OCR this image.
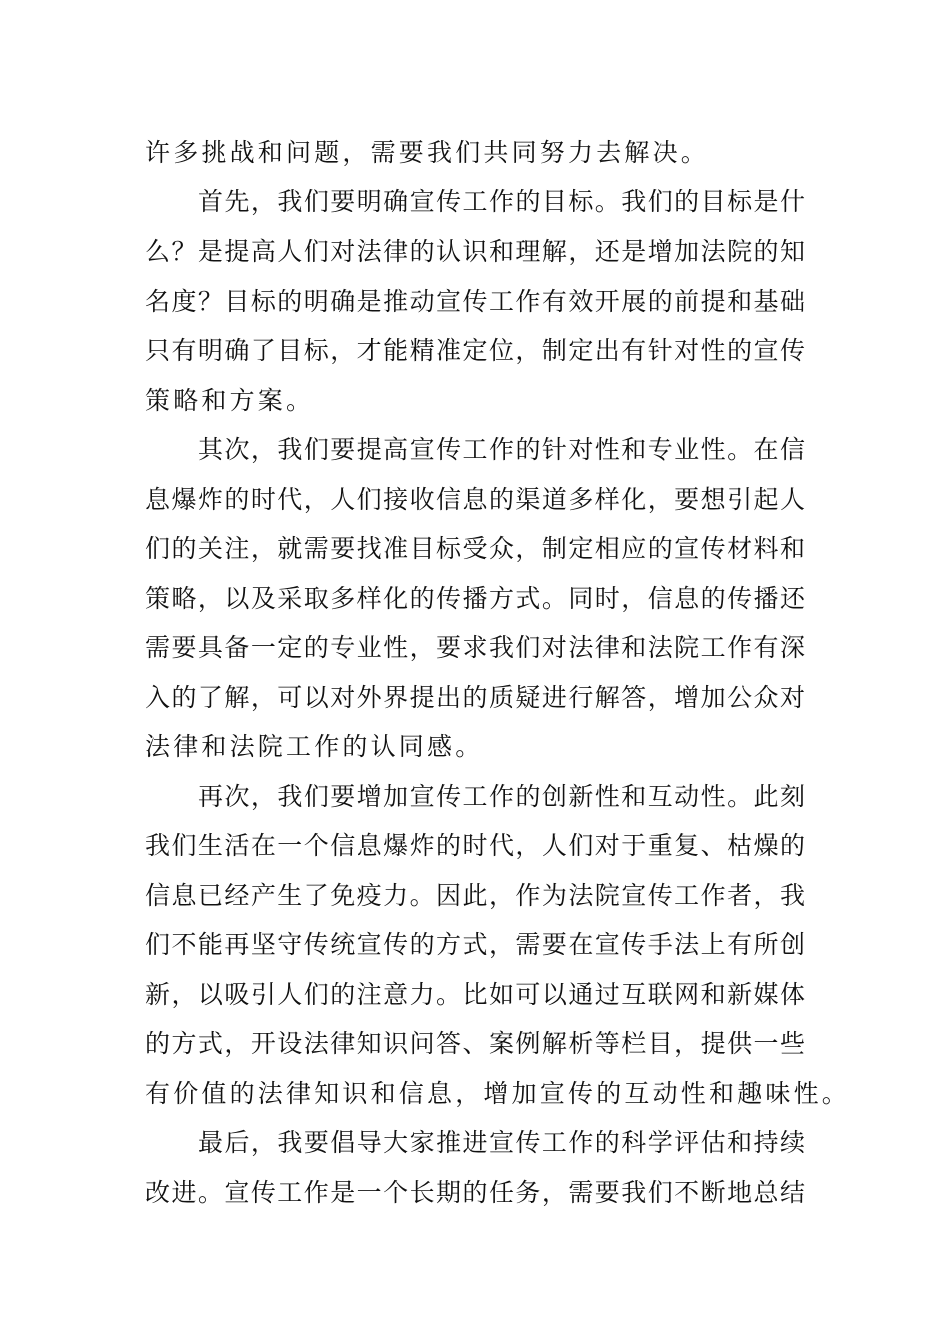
许多挑战和问题，需要我们共同努力去解决。
首先，我们要明确宣传工作的目标。我们的目标是什
么？是提高人们对法律的认识和理解，还是增加法院的知
名度？目标的明确是推动宣传工作有效开展的前提和基础
只有明确了目标，才能精准定位，制定出有针对性的宣传
策略和方案。
其次，我们要提高宣传工作的针对性和专业性。在信
息爆炸的时代，人们接收信息的渠道多样化，要想引起人
们的关注，就需要找准目标受众，制定相应的宣传材料和
策略，以及采取多样化的传播方式。同时，信息的传播还
需要具备一定的专业性，要求我们对法律和法院工作有深
入的了解，可以对外界提出的质疑进行解答，增加公众对
法律和法院工作的认同感。
再次，我们要增加宣传工作的创新性和互动性。此刻
我们生活在一个信息爆炸的时代，人们对于重复、枯燥的
信息已经产生了免疫力。因此，作为法院宣传工作者，我
们不能再坚守传统宣传的方式，需要在宣传手法上有所创
新，以吸引人们的注意力。比如可以通过互联网和新媒体
的方式，开设法律知识问答、案例解析等栏目，提供一些
有价值的法律知识和信息，增加宣传的互动性和趣味性。
最后，我要倡导大家推进宣传工作的科学评估和持续
改进。宣传工作是一个长期的任务，需要我们不断地总结
